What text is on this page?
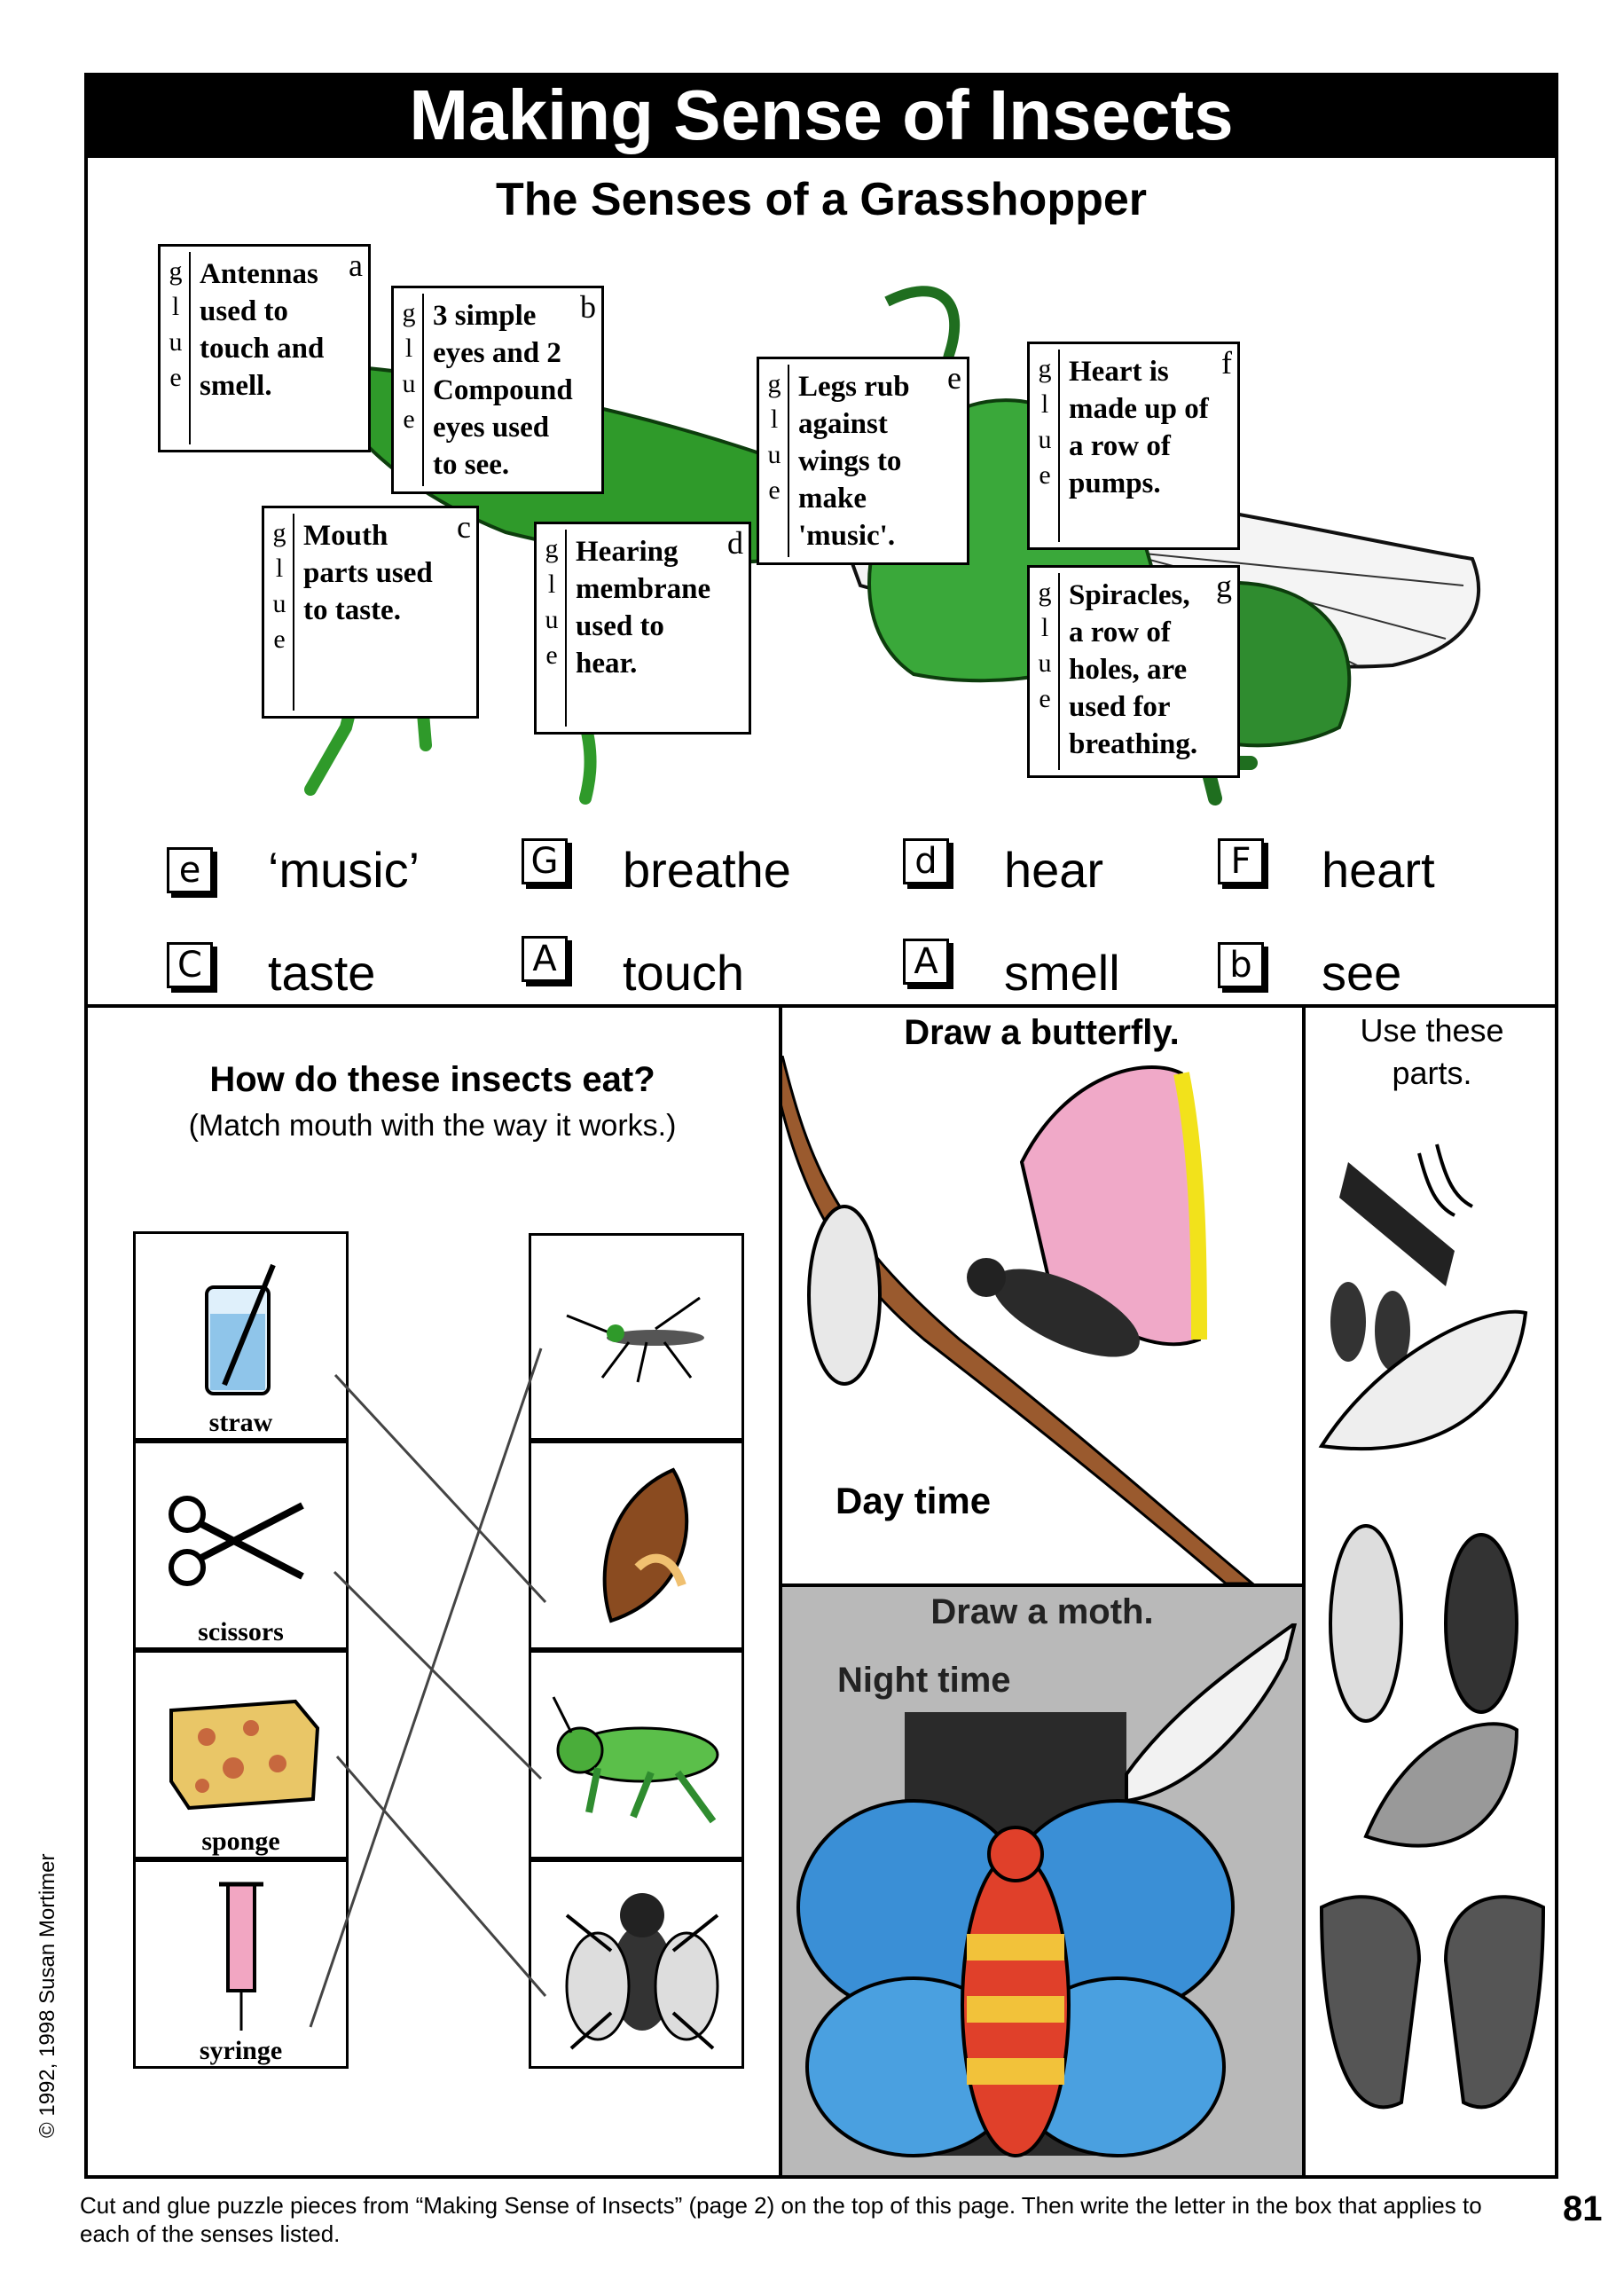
Making Sense of Insects
The Senses of a Grasshopper
g
l
u
e
Antennas
used to
touch and
smell.
a
g
l
u
e
3 simple
eyes and 2
Compound
eyes used
to see.
b
g
l
u
e
Mouth
parts used
to taste.
c
g
l
u
e
Hearing
membrane
used to
hear.
d
g
l
u
e
Legs rub
against
wings to
make
'music'.
e	g
l
u
e
Heart is
made up of
a row of
pumps.
f
g
l
u
e
Spiracles,
a row of
holes, are
used for
breathing.
g
e ‘music’	G breathe	d hear	F heart
C taste	A touch	A smell	b see
How do these insects eat?
(Match mouth with the way it works.)
straw
scissors
sponge
syringe
Draw a butterfly.
Day time
Draw a moth.
Night time
Use these
parts.
© 1992, 1998 Susan Mortimer
Cut and glue puzzle pieces from “Making Sense of Insects” (page 2) on the top of this page. Then write the letter in the box that applies to each of the senses listed.
81
